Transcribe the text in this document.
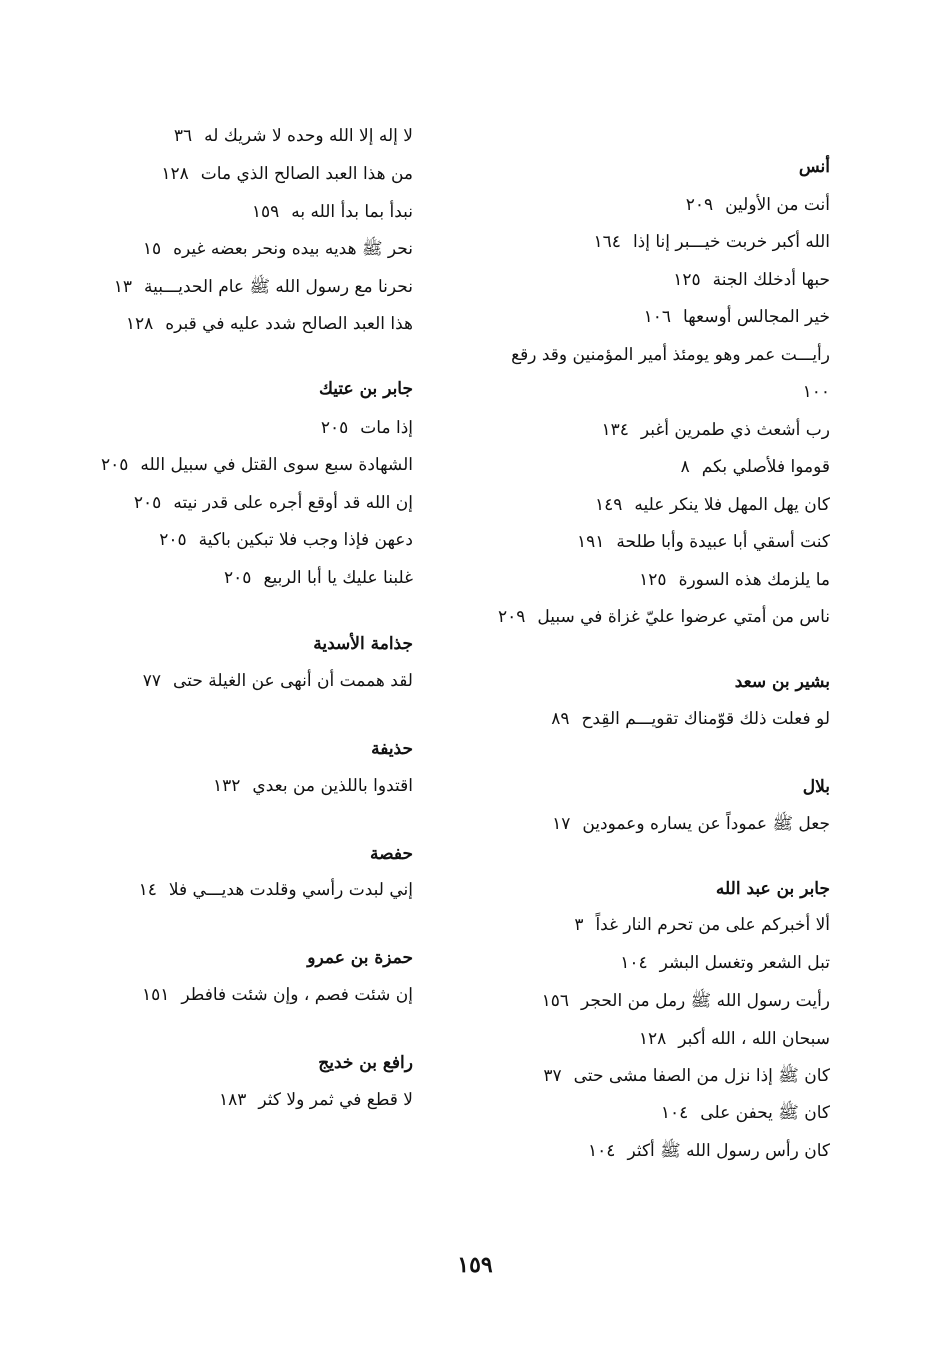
أنس
أنت من الأولين٢٠٩
الله أكبر خربت خيـــبر إنا إذا١٦٤
حبها أدخلك الجنة١٢٥
خير المجالس أوسعها١٠٦
رأيـــت عمر وهو يومئذ أمير المؤمنين وقد رقع
١٠٠
رب أشعث ذي طمرين أغبر١٣٤
قوموا فلأصلي بكم٨
كان يهل المهل فلا ينكر عليه١٤٩
كنت أسقي أبا عبيدة وأبا طلحة١٩١
ما يلزمك هذه السورة١٢٥
ناس من أمتي عرضوا عليّ غزاة في سبيل٢٠٩
بشير بن سعد
لو فعلت ذلك قوّمناك تقويـــم القِدح٨٩
بلال
جعل ﷺ عموداً عن يساره وعمودين١٧
جابر بن عبد الله
ألا أخبركم على من تحرم النار غداً٣
تبل الشعر وتغسل البشر١٠٤
رأيت رسول الله ﷺ رمل من الحجر١٥٦
سبحان الله ، الله أكبر١٢٨
كان ﷺ إذا نزل من الصفا مشى حتى٣٧
كان ﷺ يحفن على١٠٤
كان رأس رسول الله ﷺ أكثر١٠٤
لا إله إلا الله وحده لا شريك له٣٦
من هذا العبد الصالح الذي مات١٢٨
نبدأ بما بدأ الله به١٥٩
نحر ﷺ هديه بيده ونحر بعضه غيره١٥
نحرنا مع رسول الله ﷺ عام الحديـــبية١٣
هذا العبد الصالح شدد عليه في قبره١٢٨
جابر بن عتيك
إذا مات٢٠٥
الشهادة سبع سوى القتل في سبيل الله٢٠٥
إن الله قد أوقع أجره على قدر نيته٢٠٥
دعهن فإذا وجب فلا تبكين باكية٢٠٥
غلبنا عليك يا أبا الربيع٢٠٥
جذامة الأسدية
لقد هممت أن أنهى عن الغيلة حتى٧٧
حذيفة
اقتدوا باللذين من بعدي١٣٢
حفصة
إني لبدت رأسي وقلدت هديـــي فلا١٤
حمزة بن عمرو
إن شئت فصم ، وإن شئت فافطر١٥١
رافع بن خديج
لا قطع في ثمر ولا كثر١٨٣
١٥٩
